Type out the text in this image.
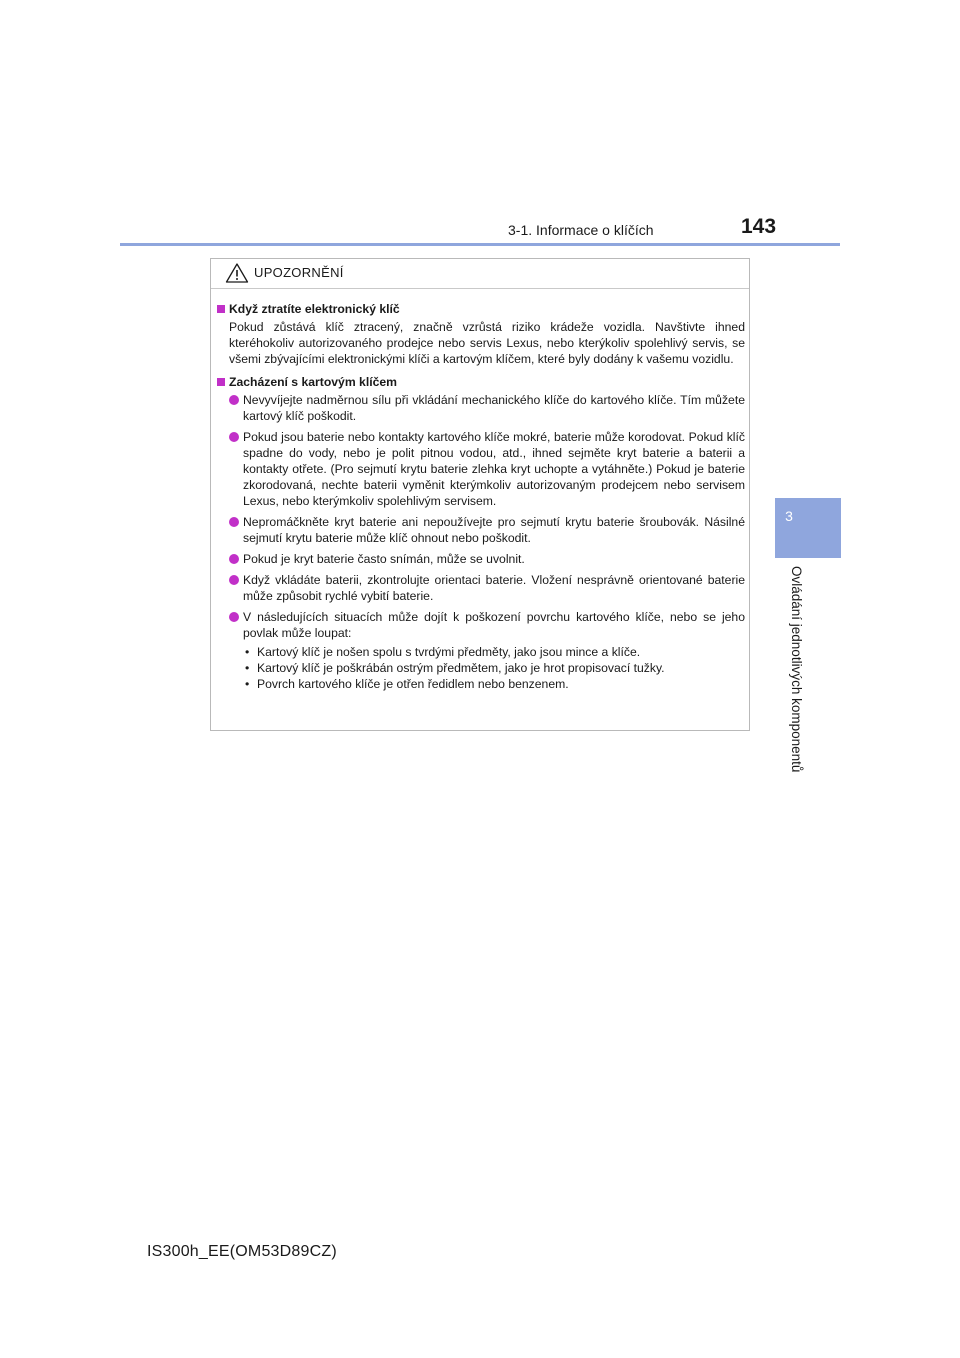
3-1. Informace o klíčích	143
3
Ovládání jednotlivých komponentů
UPOZORNĚNÍ
Když ztratíte elektronický klíč
Pokud zůstává klíč ztracený, značně vzrůstá riziko krádeže vozidla. Navštivte ihned kteréhokoliv autorizovaného prodejce nebo servis Lexus, nebo kterýkoliv spolehlivý servis, se všemi zbývajícími elektronickými klíči a kartovým klíčem, které byly dodány k vašemu vozidlu.
Zacházení s kartovým klíčem
Nevyvíjejte nadměrnou sílu při vkládání mechanického klíče do kartového klíče. Tím můžete kartový klíč poškodit.
Pokud jsou baterie nebo kontakty kartového klíče mokré, baterie může korodovat. Pokud klíč spadne do vody, nebo je polit pitnou vodou, atd., ihned sejměte kryt baterie a baterii a kontakty otřete. (Pro sejmutí krytu baterie zlehka kryt uchopte a vytáhněte.) Pokud je baterie zkorodovaná, nechte baterii vyměnit kterýmkoliv autorizovaným prodejcem nebo servisem Lexus, nebo kterýmkoliv spolehlivým servisem.
Nepromáčkněte kryt baterie ani nepoužívejte pro sejmutí krytu baterie šroubovák. Násilné sejmutí krytu baterie může klíč ohnout nebo poškodit.
Pokud je kryt baterie často snímán, může se uvolnit.
Když vkládáte baterii, zkontrolujte orientaci baterie. Vložení nesprávně orientované baterie může způsobit rychlé vybití baterie.
V následujících situacích může dojít k poškození povrchu kartového klíče, nebo se jeho povlak může loupat:
• Kartový klíč je nošen spolu s tvrdými předměty, jako jsou mince a klíče.
• Kartový klíč je poškrábán ostrým předmětem, jako je hrot propisovací tužky.
• Povrch kartového klíče je otřen ředidlem nebo benzenem.
IS300h_EE(OM53D89CZ)
